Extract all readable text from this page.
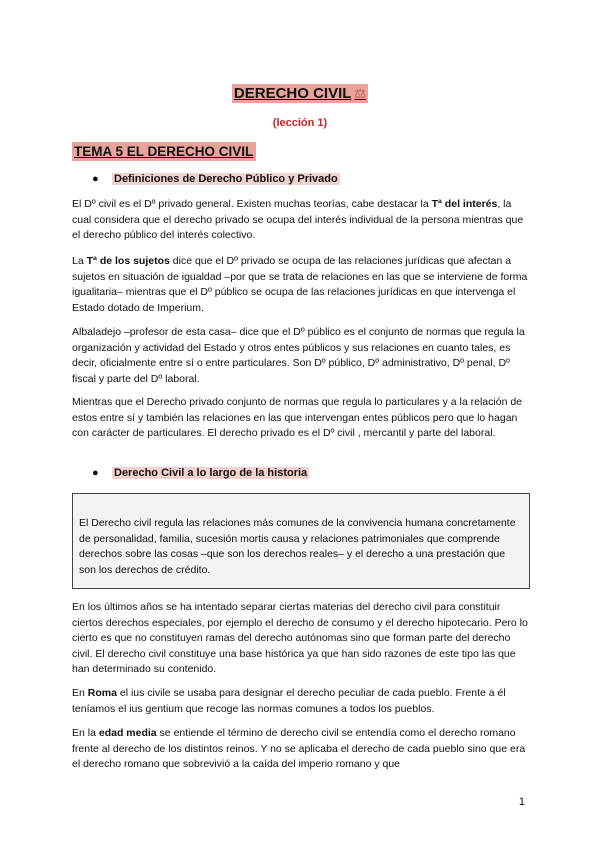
DERECHO CIVIL ⚖
(lección 1)
TEMA 5 EL DERECHO CIVIL
● Definiciones de Derecho Público y Privado

El Dº civil es el Dº privado general. Existen muchas teorías, cabe destacar la Tª del interés, la cual considera que el derecho privado se ocupa del interés individual de la persona mientras que el derecho público del interés colectivo.

La Tª de los sujetos dice que el Dº privado se ocupa de las relaciones jurídicas que afectan a sujetos en situación de igualdad –por que se trata de relaciones en las que se interviene de forma igualitaria– mientras que el Dº público se ocupa de las relaciones jurídicas en que intervenga el Estado dotado de Imperium.

Albaladejo –profesor de esta casa– dice que el Dº público es el conjunto de normas que regula la organización y actividad del Estado y otros entes públicos y sus relaciones en cuanto tales, es decir, oficialmente entre sí o entre particulares. Son Dº público, Dº administrativo, Dº penal, Dº fiscal y parte del Dº laboral.

Mientras que el Derecho privado conjunto de normas que regula lo particulares y a la relación de estos entre sí y también las relaciones en las que intervengan entes públicos pero que lo hagan con carácter de particulares. El derecho privado es el Dº civil , mercantil y parte del laboral.

● Derecho Civil a lo largo de la historia
El Derecho civil regula las relaciones más comunes de la convivencia humana concretamente de personalidad, familia, sucesión mortis causa y relaciones patrimoniales que comprende derechos sobre las cosas –que son los derechos reales– y el derecho a una prestación que son los derechos de crédito.

En los últimos años se ha intentado separar ciertas materias del derecho civil para constituir ciertos derechos especiales, por ejemplo el derecho de consumo y el derecho hipotecario. Pero lo cierto es que no constituyen ramas del derecho autónomas sino que forman parte del derecho civil. El derecho civil constituye una base histórica ya que han sido razones de este tipo las que han determinado su contenido.

En Roma el ius civile se usaba para designar el derecho peculiar de cada pueblo. Frente a él teníamos el ius gentium que recoge las normas comunes a todos los pueblos.

En la edad media se entiende el término de derecho civil se entendía como el derecho romano frente al derecho de los distintos reinos. Y no se aplicaba el derecho de cada pueblo sino que era el derecho romano que sobrevivió a la caída del imperio romano y que

1
